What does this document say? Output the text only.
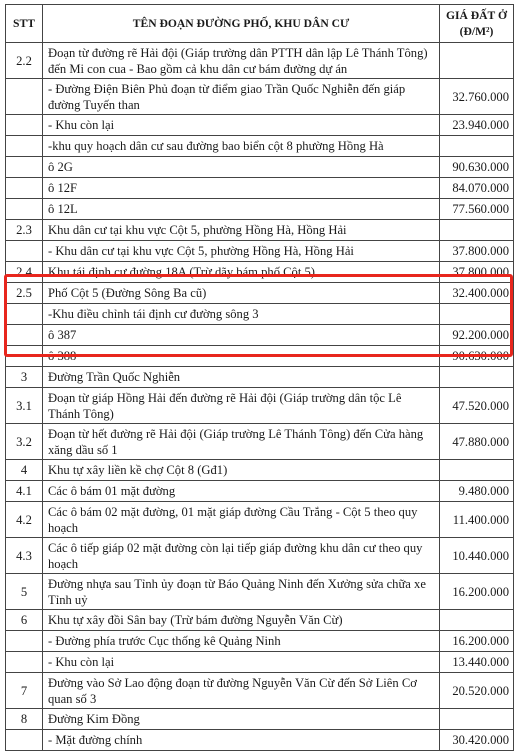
STT	TÊN ĐOẠN ĐƯỜNG PHỐ, KHU DÂN CƯ	GIÁ ĐẤT Ở
(Đ/M²)

2.2	Đoạn từ đường rẽ Hải đội (Giáp trường dân PTTH dân lập Lê Thánh Tông) đến Mi con cua - Bao gồm cả khu dân cư bám đường dự án	
	- Đường Điện Biên Phủ đoạn từ điểm giao Trần Quốc Nghiễn đến giáp đường Tuyến than	32.760.000
	- Khu còn lại	23.940.000
	-khu quy hoạch dân cư sau đường bao biển cột 8 phường Hồng Hà	
	ô 2G	90.630.000
	ô 12F	84.070.000
	ô 12L	77.560.000
2.3	Khu dân cư tại khu vực Cột 5, phường Hồng Hà, Hồng Hải	
	- Khu dân cư tại khu vực Cột 5, phường Hồng Hà, Hồng Hải	37.800.000
2.4	Khu tái định cư đường 18A (Trừ dãy bám phố Cột 5)	37.800.000
2.5	Phố Cột 5 (Đường Sông Ba cũ)	32.400.000
	-Khu điều chỉnh tái định cư đường sông 3	
	ô 387	92.200.000
	ô 388	90.630.000
3	Đường Trần Quốc Nghiễn	
3.1	Đoạn từ giáp Hồng Hải đến đường rẽ Hải đội (Giáp trường dân tộc Lê Thánh Tông)	47.520.000
3.2	Đoạn từ hết đường rẽ Hải đội (Giáp trường Lê Thánh Tông) đến Cửa hàng xăng dầu số 1	47.880.000
4	Khu tự xây liền kề chợ Cột 8 (Gđ1)	
4.1	Các ô bám 01 mặt đường	9.480.000
4.2	Các ô bám 02 mặt đường, 01 mặt giáp đường Cầu Trắng - Cột 5 theo quy hoạch	11.400.000
4.3	Các ô tiếp giáp 02 mặt đường còn lại tiếp giáp đường khu dân cư theo quy hoạch	10.440.000
5	Đường nhựa sau Tỉnh ủy đoạn từ Báo Quảng Ninh đến Xưởng sửa chữa xe Tỉnh uỷ	16.200.000
6	Khu tự xây đồi Sân bay (Trừ bám đường Nguyễn Văn Cừ)	
	- Đường phía trước Cục thống kê Quảng Ninh	16.200.000
	- Khu còn lại	13.440.000
7	Đường vào Sở Lao động đoạn từ đường Nguyễn Văn Cừ đến Sở Liên Cơ quan số 3	20.520.000
8	Đường Kim Đồng	
	- Mặt đường chính	30.420.000
